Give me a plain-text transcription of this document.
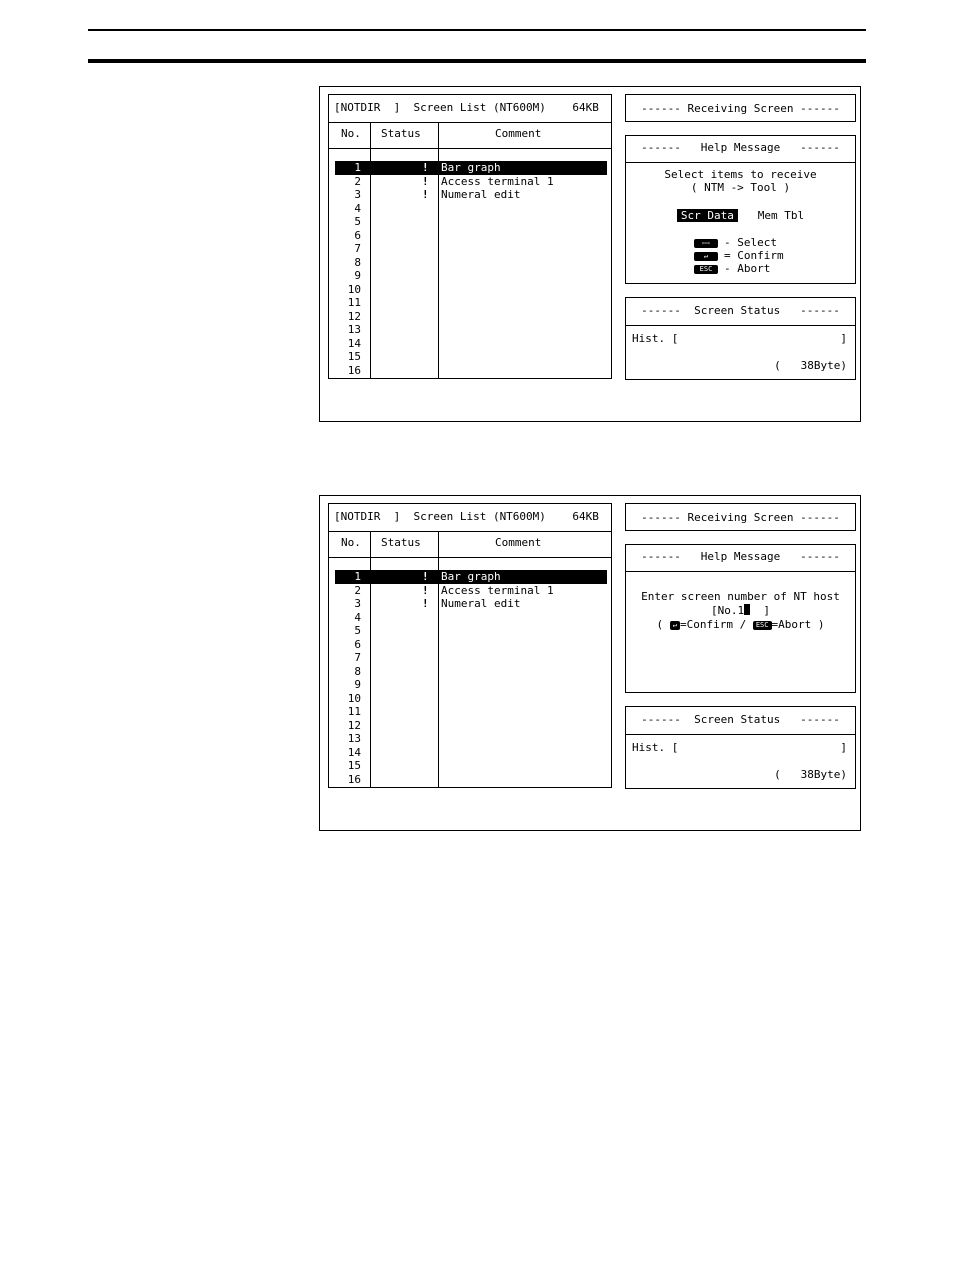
[NOTDIR  ]  Screen List (NT600M)    64KB
No. Status	Comment
1	! Bar graph
2	! Access terminal 1
3	! Numeral edit
4
5
6
7
8
9
10
11
12
13
14
15
16
------ Receiving Screen ------
------   Help Message   ------
Select items to receive
( NTM -> Tool )
Scr Data Mem Tbl
⇦⇨ - Select
↵ = Confirm
ESC - Abort
------  Screen Status   ------
Hist. [	]
(   38Byte)
[NOTDIR  ]  Screen List (NT600M)    64KB
No. Status	Comment
1	! Bar graph
2	! Access terminal 1
3	! Numeral edit
4
5
6
7
8
9
10
11
12
13
14
15
16
------ Receiving Screen ------
------   Help Message   ------
Enter screen number of NT host
[No.1  ]
( ↵ =Confirm / ESC =Abort )
------  Screen Status   ------
Hist. [	]
(   38Byte)
